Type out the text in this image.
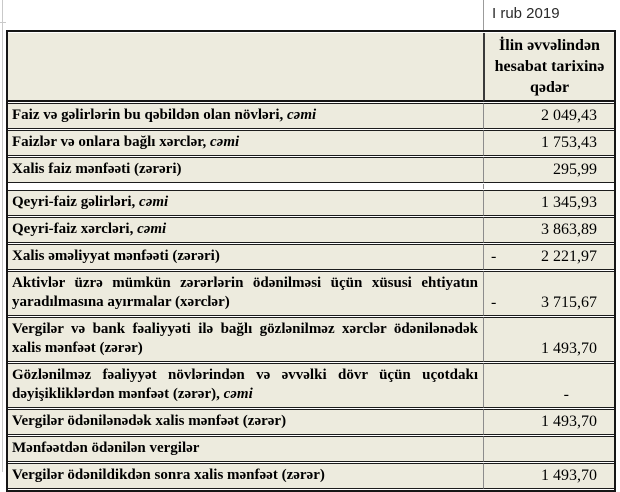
I rub 2019
	İlin əvvəlindən hesabat tarixinə qədər
Faiz və gəlirlərin bu qəbildən olan növləri, cəmi	2 049,43
Faizlər və onlara bağlı xərclər, cəmi	1 753,43
Xalis faiz mənfəəti (zərəri)	295,99

Qeyri-faiz gəlirləri, cəmi	1 345,93
Qeyri-faiz xərcləri, cəmi	3 863,89
Xalis əməliyyat mənfəəti (zərəri)	- 2 221,97
Aktivlər üzrə mümkün zərərlərin ödənilməsi üçün xüsusi ehtiyatın yaradılmasına ayırmalar (xərclər)	- 3 715,67
Vergilər və bank fəaliyyəti ilə bağlı gözlənilməz xərclər ödənilənədək xalis mənfəət (zərər)	1 493,70
Gözlənilməz fəaliyyət növlərindən və əvvəlki dövr üçün uçotdakı dəyişikliklərdən mənfəət (zərər), cəmi	-
Vergilər ödənilənədək xalis mənfəət (zərər)	1 493,70
Mənfəətdən ödənilən vergilər	
Vergilər ödənildikdən sonra xalis mənfəət (zərər)	1 493,70
